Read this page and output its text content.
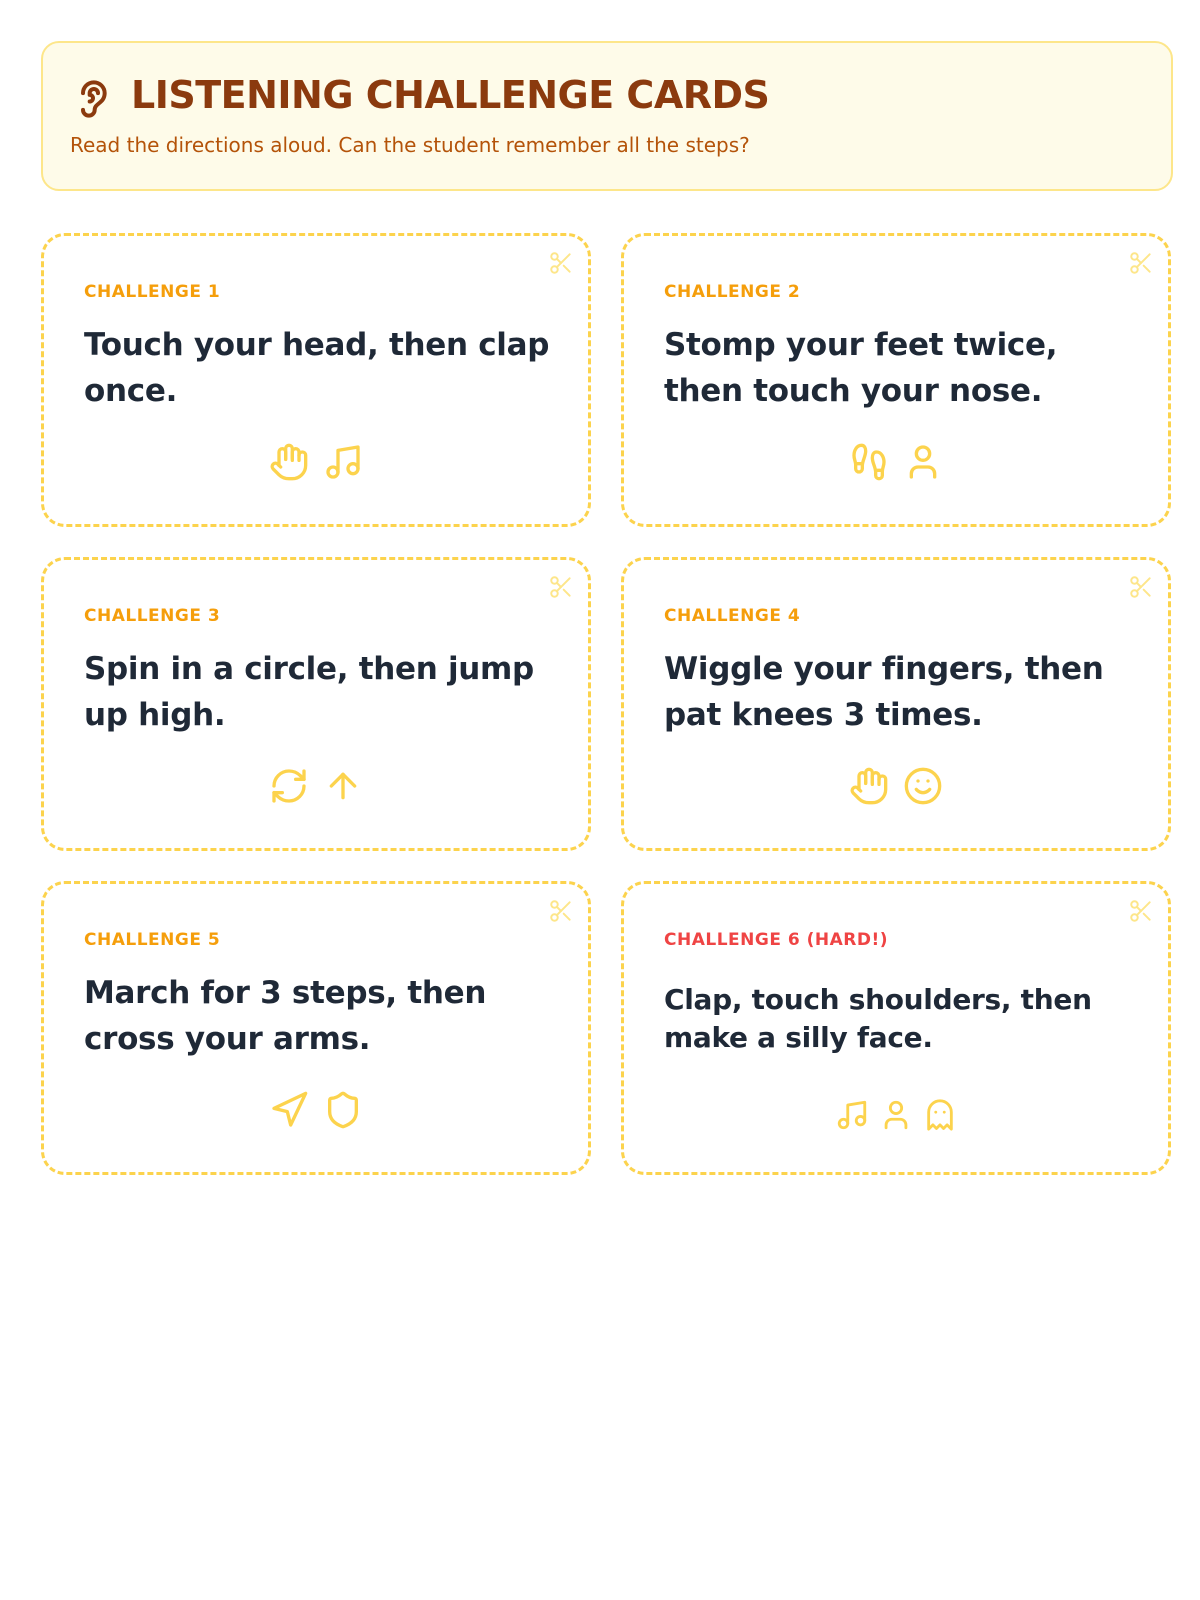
LISTENING CHALLENGE CARDS

Read the directions aloud. Can the student remember all the steps?

CHALLENGE 1
Touch your head, then clap once.
CHALLENGE 2
Stomp your feet twice, then touch your nose.
CHALLENGE 3
Spin in a circle, then jump up high.
CHALLENGE 4
Wiggle your fingers, then pat knees 3 times.
CHALLENGE 5
March for 3 steps, then cross your arms.
CHALLENGE 6 (HARD!)
Clap, touch shoulders, then make a silly face.
